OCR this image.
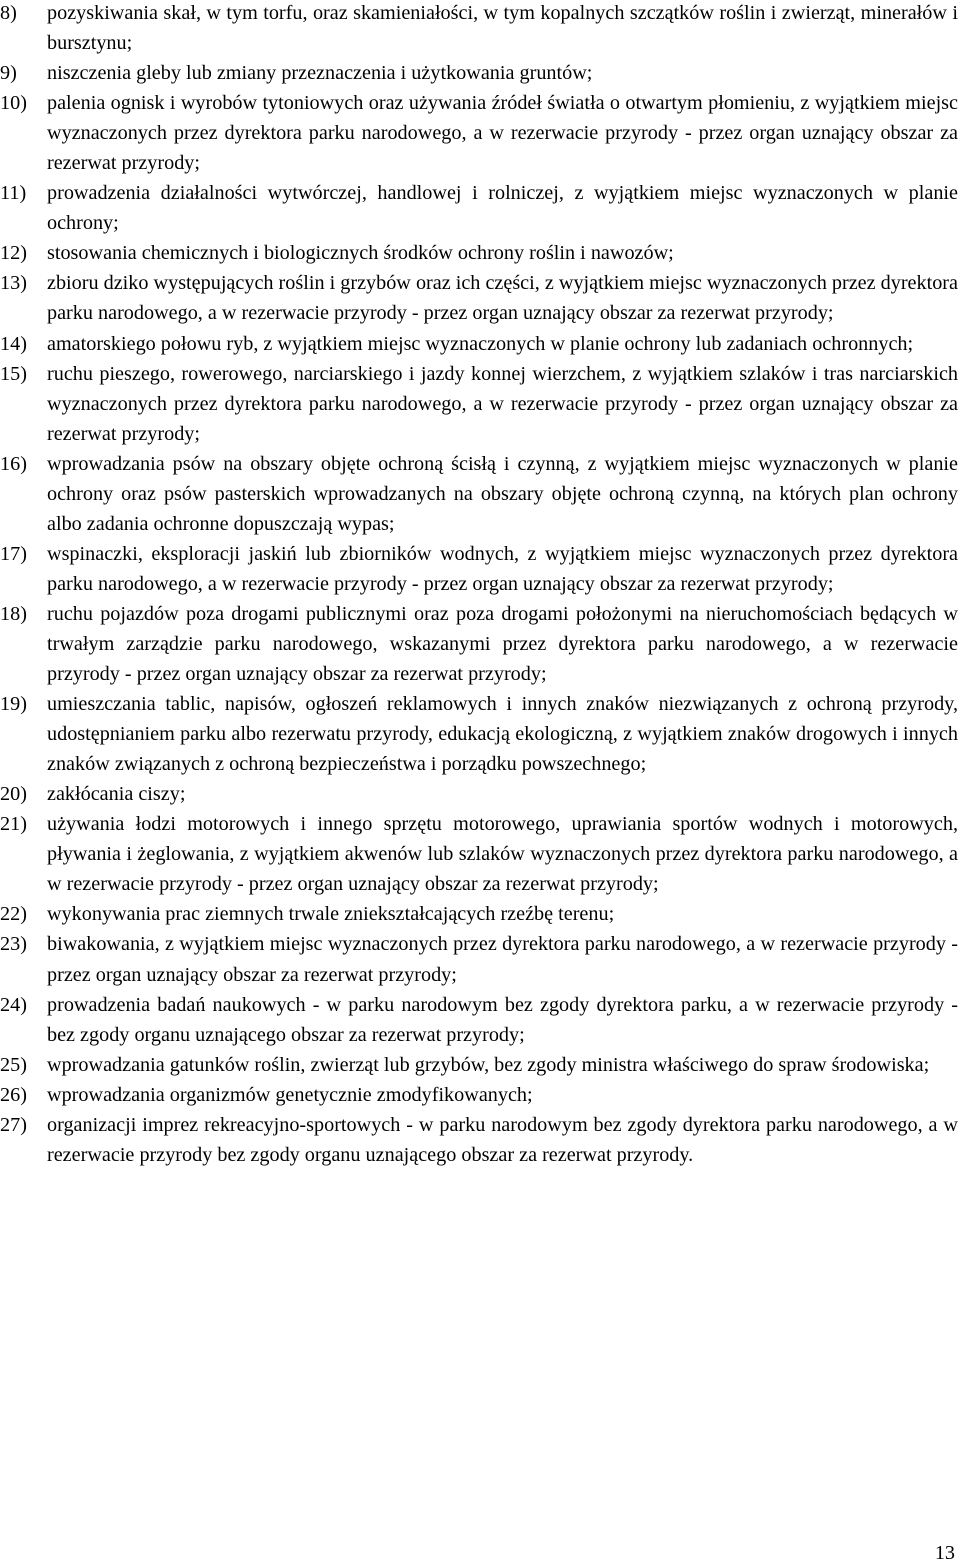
8)	pozyskiwania skał, w tym torfu, oraz skamieniałości, w tym kopalnych szczątków roślin i zwierząt, minerałów i bursztynu;
9)	niszczenia gleby lub zmiany przeznaczenia i użytkowania gruntów;
10) palenia ognisk i wyrobów tytoniowych oraz używania źródeł światła o otwartym płomieniu, z wyjątkiem miejsc wyznaczonych przez dyrektora parku narodowego, a w rezerwacie przyrody - przez organ uznający obszar za rezerwat przyrody;
11)	prowadzenia działalności wytwórczej, handlowej i rolniczej, z wyjątkiem miejsc wyznaczonych w planie ochrony;
12) stosowania chemicznych i biologicznych środków ochrony roślin i nawozów;
13) zbioru dziko występujących roślin i grzybów oraz ich części, z wyjątkiem miejsc wyznaczonych przez dyrektora parku narodowego, a w rezerwacie przyrody - przez organ uznający obszar za rezerwat przyrody;
14) amatorskiego połowu ryb, z wyjątkiem miejsc wyznaczonych w planie ochrony lub zadaniach ochronnych;
15) ruchu pieszego, rowerowego, narciarskiego i jazdy konnej wierzchem, z wyjątkiem szlaków i tras narciarskich wyznaczonych przez dyrektora parku narodowego, a w rezerwacie przyrody - przez organ uznający obszar za rezerwat przyrody;
16) wprowadzania psów na obszary objęte ochroną ścisłą i czynną, z wyjątkiem miejsc wyznaczonych w planie ochrony oraz psów pasterskich wprowadzanych na obszary objęte ochroną czynną, na których plan ochrony albo zadania ochronne dopuszczają wypas;
17) wspinaczki, eksploracji jaskiń lub zbiorników wodnych, z wyjątkiem miejsc wyznaczonych przez dyrektora parku narodowego, a w rezerwacie przyrody - przez organ uznający obszar za rezerwat przyrody;
18) ruchu pojazdów poza drogami publicznymi oraz poza drogami położonymi na nieruchomościach będących w trwałym zarządzie parku narodowego, wskazanymi przez dyrektora parku narodowego, a w rezerwacie przyrody - przez organ uznający obszar za rezerwat przyrody;
19) umieszczania tablic, napisów, ogłoszeń reklamowych i innych znaków niezwiązanych z ochroną przyrody, udostępnianiem parku albo rezerwatu przyrody, edukacją ekologiczną, z wyjątkiem znaków drogowych i innych znaków związanych z ochroną bezpieczeństwa i porządku powszechnego;
20) zakłócania ciszy;
21) używania łodzi motorowych i innego sprzętu motorowego, uprawiania sportów wodnych i motorowych, pływania i żeglowania, z wyjątkiem akwenów lub szlaków wyznaczonych przez dyrektora parku narodowego, a w rezerwacie przyrody - przez organ uznający obszar za rezerwat przyrody;
22) wykonywania prac ziemnych trwale zniekształcających rzeźbę terenu;
23) biwakowania, z wyjątkiem miejsc wyznaczonych przez dyrektora parku narodowego, a w rezerwacie przyrody - przez organ uznający obszar za rezerwat przyrody;
24) prowadzenia badań naukowych - w parku narodowym bez zgody dyrektora parku, a w rezerwacie przyrody - bez zgody organu uznającego obszar za rezerwat przyrody;
25) wprowadzania gatunków roślin, zwierząt lub grzybów, bez zgody ministra właściwego do spraw środowiska;
26) wprowadzania organizmów genetycznie zmodyfikowanych;
27) organizacji imprez rekreacyjno-sportowych - w parku narodowym bez zgody dyrektora parku narodowego, a w rezerwacie przyrody bez zgody organu uznającego obszar za rezerwat przyrody.
13
